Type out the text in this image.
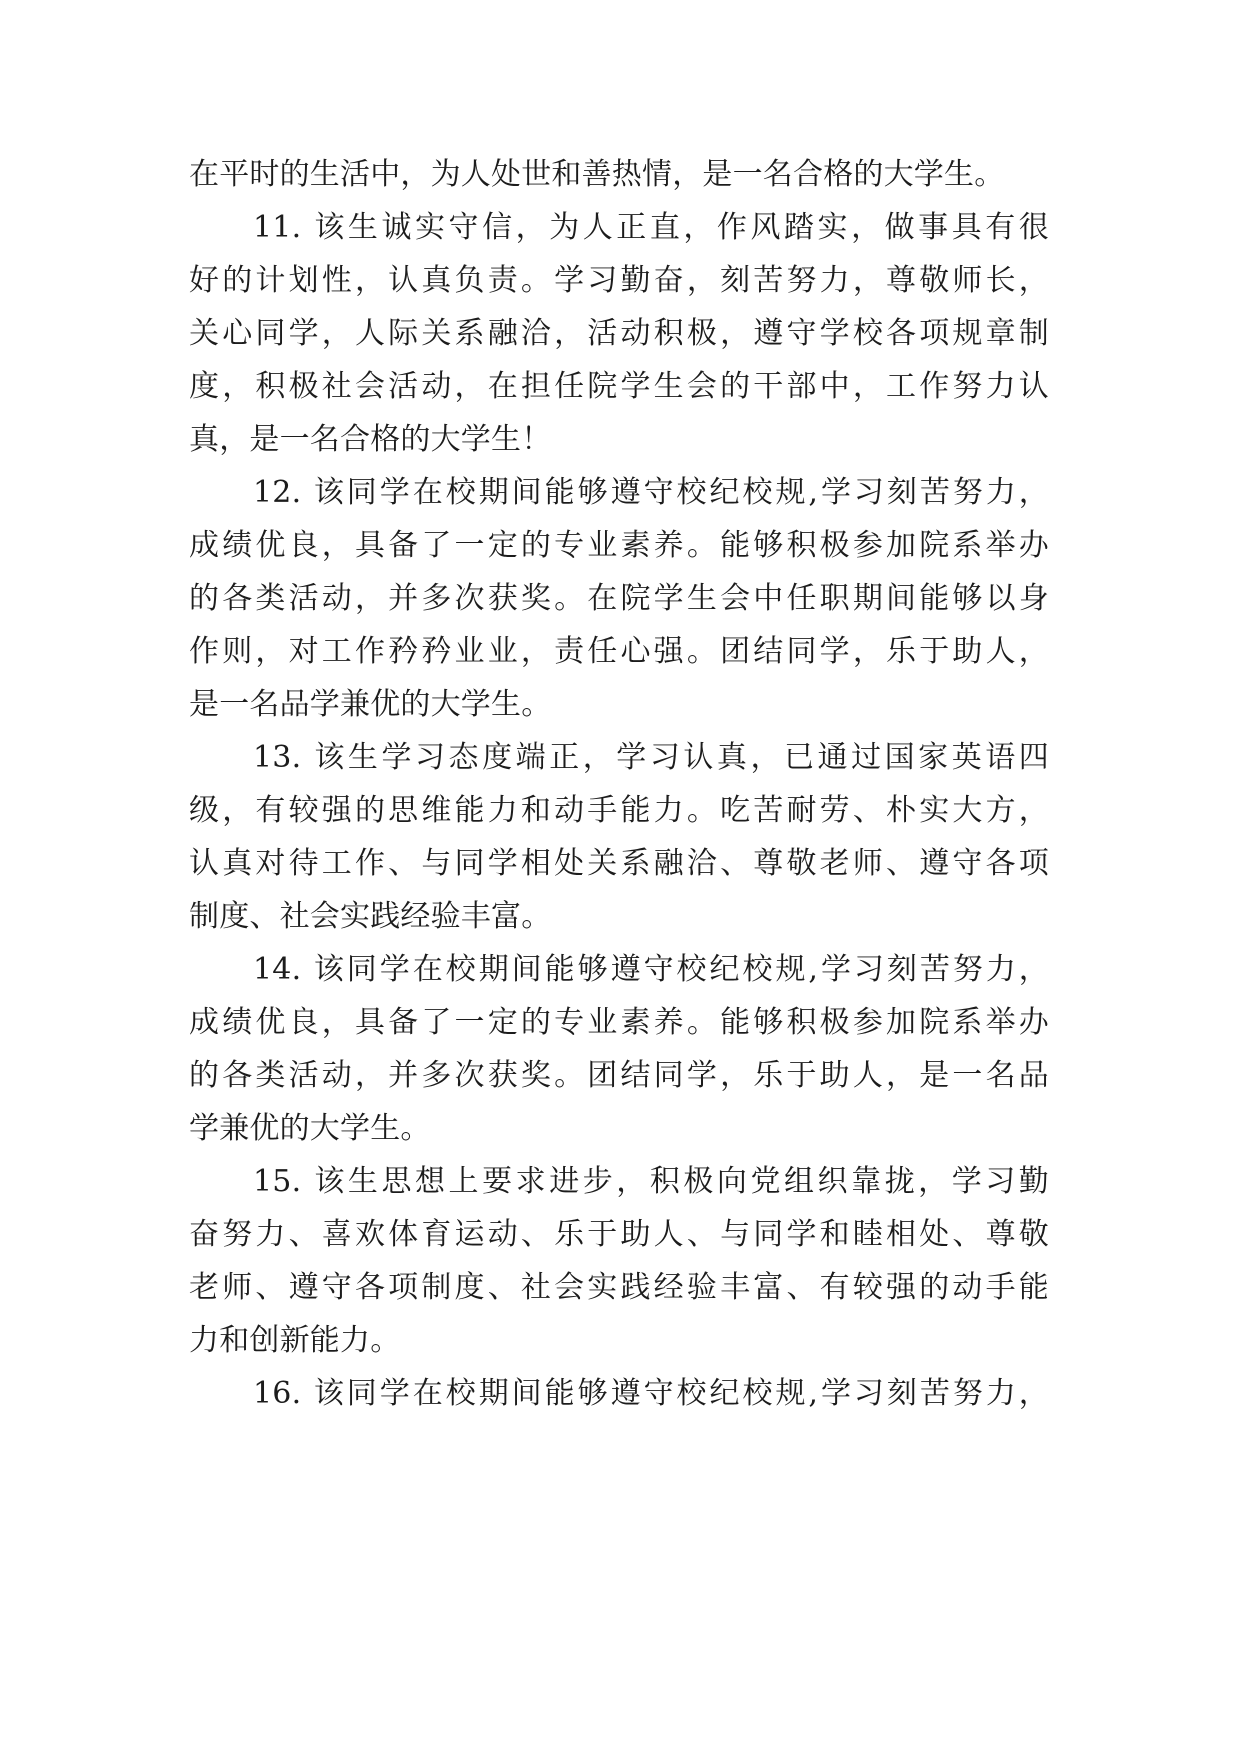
在平时的生活中，为人处世和善热情，是一名合格的大学生。
11. 该生诚实守信，为人正直，作风踏实，做事具有很
好的计划性，认真负责。学习勤奋，刻苦努力，尊敬师长，
关心同学，人际关系融洽，活动积极，遵守学校各项规章制
度，积极社会活动，在担任院学生会的干部中，工作努力认
真，是一名合格的大学生！
12. 该同学在校期间能够遵守校纪校规,学习刻苦努力，
成绩优良，具备了一定的专业素养。能够积极参加院系举办
的各类活动，并多次获奖。在院学生会中任职期间能够以身
作则，对工作矜矜业业，责任心强。团结同学，乐于助人，
是一名品学兼优的大学生。
13. 该生学习态度端正，学习认真，已通过国家英语四
级，有较强的思维能力和动手能力。吃苦耐劳、朴实大方，
认真对待工作、与同学相处关系融洽、尊敬老师、遵守各项
制度、社会实践经验丰富。
14. 该同学在校期间能够遵守校纪校规,学习刻苦努力，
成绩优良，具备了一定的专业素养。能够积极参加院系举办
的各类活动，并多次获奖。团结同学，乐于助人，是一名品
学兼优的大学生。
15. 该生思想上要求进步，积极向党组织靠拢，学习勤
奋努力、喜欢体育运动、乐于助人、与同学和睦相处、尊敬
老师、遵守各项制度、社会实践经验丰富、有较强的动手能
力和创新能力。
16. 该同学在校期间能够遵守校纪校规,学习刻苦努力，
